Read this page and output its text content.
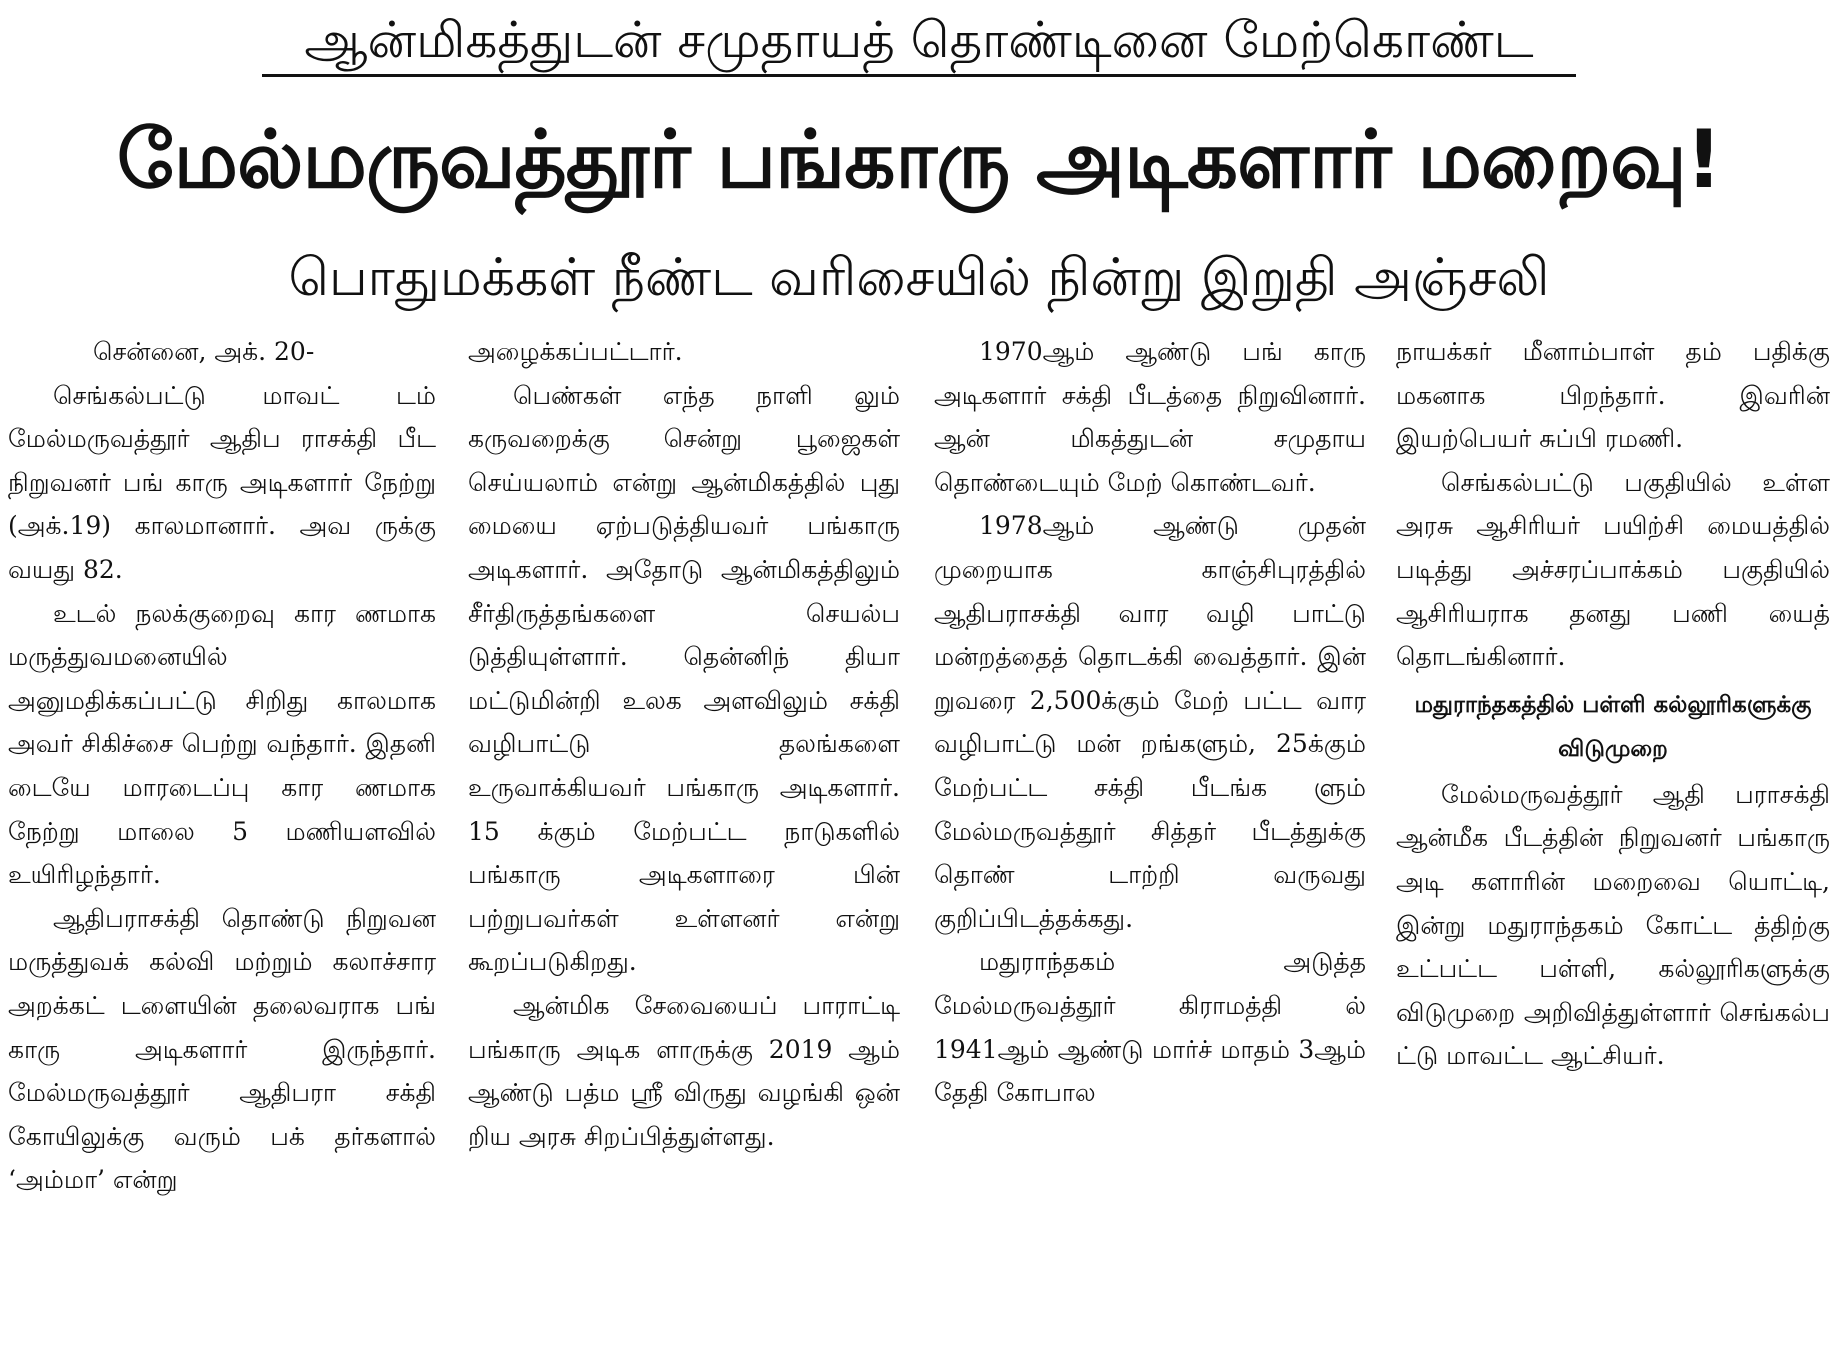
ஆன்மிகத்துடன் சமுதாயத் தொண்டினை மேற்கொண்ட
மேல்மருவத்தூர் பங்காரு அடிகளார் மறைவு!
பொதுமக்கள் நீண்ட வரிசையில் நின்று இறுதி அஞ்சலி

சென்னை, அக். 20-

செங்கல்பட்டு மாவட் டம் மேல்மருவத்தூர் ஆதிப ராசக்தி பீட நிறுவனர் பங் காரு அடிகளார் நேற்று (அக்.19) காலமானார். அவ ருக்கு வயது 82.

உடல் நலக்குறைவு கார ணமாக மருத்துவமனையில் அனுமதிக்கப்பட்டு சிறிது காலமாக அவர் சிகிச்சை பெற்று வந்தார். இதனி டையே மாரடைப்பு கார ணமாக நேற்று மாலை 5 மணியளவில் உயிரிழந்தார்.

ஆதிபராசக்தி தொண்டு நிறுவன மருத்துவக் கல்வி மற்றும் கலாச்சார அறக்கட் டளையின் தலைவராக பங் காரு அடிகளார் இருந்தார். மேல்மருவத்தூர் ஆதிபரா சக்தி கோயிலுக்கு வரும் பக் தர்களால் ‘அம்மா’ என்று

அழைக்கப்பட்டார்.

பெண்கள் எந்த நாளி லும் கருவறைக்கு சென்று பூஜைகள் செய்யலாம் என்று ஆன்மிகத்தில் புது மையை ஏற்படுத்தியவர் பங்காரு அடிகளார். அதோடு ஆன்மிகத்திலும் சீர்திருத்தங்களை செயல்ப டுத்தியுள்ளார். தென்னிந் தியா மட்டுமின்றி உலக அளவிலும் சக்தி வழிபாட்டு தலங்களை உருவாக்கியவர் பங்காரு அடிகளார். 15 க்கும் மேற்பட்ட நாடுகளில் பங்காரு அடிகளாரை பின் பற்றுபவர்கள் உள்ளனர் என்று கூறப்படுகிறது.

ஆன்மிக சேவையைப் பாராட்டி பங்காரு அடிக ளாருக்கு 2019 ஆம் ஆண்டு பத்ம ஸ்ரீ விருது வழங்கி ஒன் றிய அரசு சிறப்பித்துள்ளது.

1970ஆம் ஆண்டு பங் காரு அடிகளார் சக்தி பீடத்தை நிறுவினார். ஆன் மிகத்துடன் சமுதாய தொண்டையும் மேற் கொண்டவர்.

1978ஆம் ஆண்டு முதன் முறையாக காஞ்சிபுரத்தில் ஆதிபராசக்தி வார வழி பாட்டு மன்றத்தைத் தொடக்கி வைத்தார். இன் றுவரை 2,500க்கும் மேற் பட்ட வார வழிபாட்டு மன் றங்களும், 25க்கும் மேற்பட்ட சக்தி பீடங்க ளும் மேல்மருவத்தூர் சித்தர் பீடத்துக்கு தொண் டாற்றி வருவது குறிப்பிடத்தக்கது.

மதுராந்தகம் அடுத்த மேல்மருவத்தூர் கிராமத்தி ல் 1941ஆம் ஆண்டு மார்ச் மாதம் 3ஆம் தேதி கோபால

நாயக்கர் மீனாம்பாள் தம் பதிக்கு மகனாக பிறந்தார். இவரின் இயற்பெயர் சுப்பி ரமணி.

செங்கல்பட்டு பகுதியில் உள்ள அரசு ஆசிரியர் பயிற்சி மையத்தில் படித்து அச்சரப்பாக்கம் பகுதியில் ஆசிரியராக தனது பணி யைத் தொடங்கினார்.

மதுராந்தகத்தில் பள்ளி கல்லூரிகளுக்கு விடுமுறை

மேல்மருவத்தூர் ஆதி பராசக்தி ஆன்மீக பீடத்தின் நிறுவனர் பங்காரு அடி களாரின் மறைவை யொட்டி, இன்று மதுராந்தகம் கோட்ட த்திற்கு உட்பட்ட பள்ளி, கல்லூரிகளுக்கு விடுமுறை அறிவித்துள்ளார் செங்கல்ப ட்டு மாவட்ட ஆட்சியர்.
